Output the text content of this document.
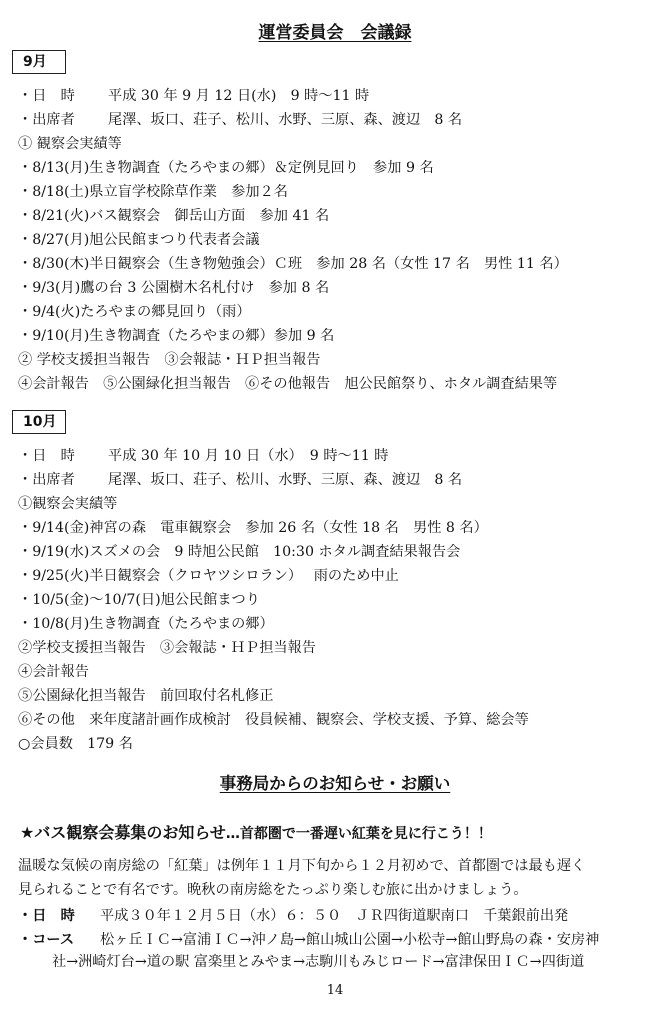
運営委員会　会議録
9月
・日　時 平成 30 年 9 月 12 日(水)　9 時～11 時
・出席者 尾澤、坂口、荘子、松川、水野、三原、森、渡辺　8 名
① 観察会実績等
・8/13(月)生き物調査（たろやまの郷）＆定例見回り　参加 9 名
・8/18(土)県立盲学校除草作業　参加２名
・8/21(火)バス観察会　御岳山方面　参加 41 名
・8/27(月)旭公民館まつり代表者会議
・8/30(木)半日観察会（生き物勉強会）Ｃ班　参加 28 名（女性 17 名　男性 11 名）
・9/3(月)鷹の台 3 公園樹木名札付け　参加 8 名
・9/4(火)たろやまの郷見回り（雨）
・9/10(月)生き物調査（たろやまの郷）参加 9 名
② 学校支援担当報告　③会報誌・ＨＰ担当報告
④会計報告　⑤公園緑化担当報告　⑥その他報告　旭公民館祭り、ホタル調査結果等
10月
・日　時 平成 30 年 10 月 10 日（水）　9 時～11 時
・出席者 尾澤、坂口、荘子、松川、水野、三原、森、渡辺　8 名
①観察会実績等
・9/14(金)神宮の森　電車観察会　参加 26 名（女性 18 名　男性 8 名）
・9/19(水)スズメの会　9 時旭公民館　10:30 ホタル調査結果報告会
・9/25(火)半日観察会（クロヤツシロラン）　 雨のため中止
・10/5(金)～10/7(日)旭公民館まつり
・10/8(月)生き物調査（たろやまの郷）
②学校支援担当報告　③会報誌・ＨＰ担当報告
④会計報告
⑤公園緑化担当報告　前回取付名札修正
⑥その他　来年度諸計画作成検討　役員候補、観察会、学校支援、予算、総会等
○会員数　179 名
事務局からのお知らせ・お願い
★バス観察会募集のお知らせ…首都圏で一番遅い紅葉を見に行こう！！
温暖な気候の南房総の「紅葉」は例年１１月下旬から１２月初めで、首都圏では最も遅く
見られることで有名です。晩秋の南房総をたっぷり楽しむ旅に出かけましょう。
・日　時 平成３０年１２月５日（水）６：５０　ＪＲ四街道駅南口　千葉銀前出発
・コース 松ヶ丘ＩＣ→富浦ＩＣ→沖ノ島→館山城山公園→小松寺→館山野鳥の森・安房神
社→洲崎灯台→道の駅 富楽里とみやま→志駒川もみじロード→富津保田ＩＣ→四街道
14
